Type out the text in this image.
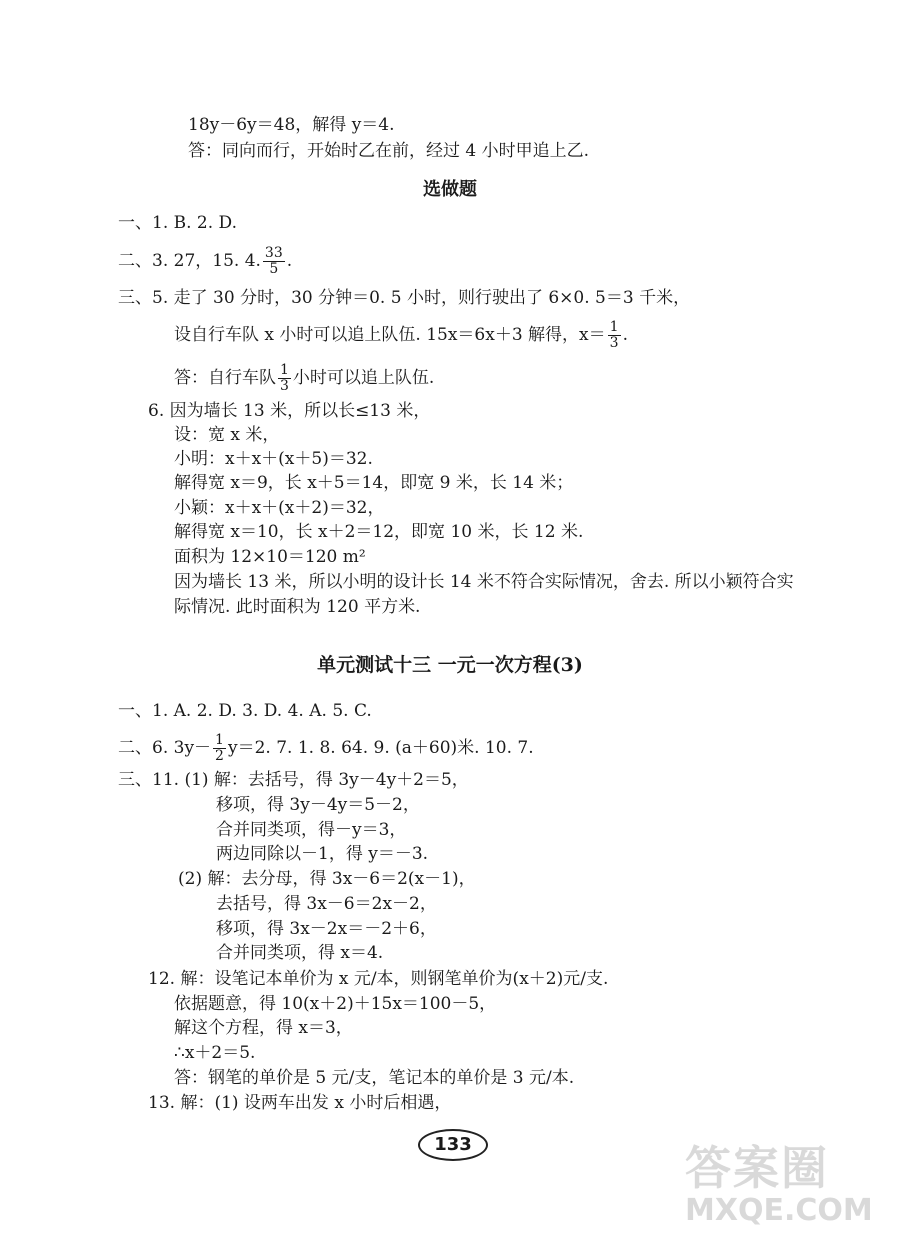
18y－6y＝48，解得 y＝4.
答：同向而行，开始时乙在前，经过 4 小时甲追上乙.
选做题
一、1. B. 2. D.
二、3. 27，15. 4. $\frac{33}{5}$ .
三、5. 走了 30 分时，30 分钟＝0. 5 小时，则行驶出了 6×0. 5＝3 千米，
设自行车队 x 小时可以追上队伍. 15x＝6x＋3 解得，$x= \frac{1}{3}$ .
答：自行车队 $\frac{1}{3}$ 小时可以追上队伍.
6. 因为墙长 13 米，所以长≤13 米，
设：宽 x 米，
小明：x＋x＋(x＋5)＝32.
解得宽 x＝9，长 x＋5＝14，即宽 9 米，长 14 米；
小颖：x＋x＋(x＋2)＝32，
解得宽 x＝10，长 x＋2＝12，即宽 10 米，长 12 米.
面积为 12×10＝120 m²
因为墙长 13 米，所以小明的设计长 14 米不符合实际情况，舍去. 所以小颖符合实
际情况. 此时面积为 120 平方米.
单元测试十三 一元一次方程(3)
一、1. A. 2. D. 3. D. 4. A. 5. C.
二、6. $3y- \frac{1}{2} y=2$. 7. 1. 8. 64. 9. (a＋60)米. 10. 7.
三、11. (1) 解：去括号，得 3y－4y＋2＝5，
移项，得 3y－4y＝5－2，
合并同类项，得－y＝3，
两边同除以－1，得 y＝－3.
(2) 解：去分母，得 3x－6＝2(x－1)，
去括号，得 3x－6＝2x－2，
移项，得 3x－2x＝－2＋6，
合并同类项，得 x＝4.
12. 解：设笔记本单价为 x 元/本，则钢笔单价为(x＋2)元/支.
依据题意，得 10(x＋2)＋15x＝100－5，
解这个方程，得 x＝3，
∴x＋2＝5.
答：钢笔的单价是 5 元/支，笔记本的单价是 3 元/本.
13. 解：(1) 设两车出发 x 小时后相遇，
133	答案圈
MXQE.COM
